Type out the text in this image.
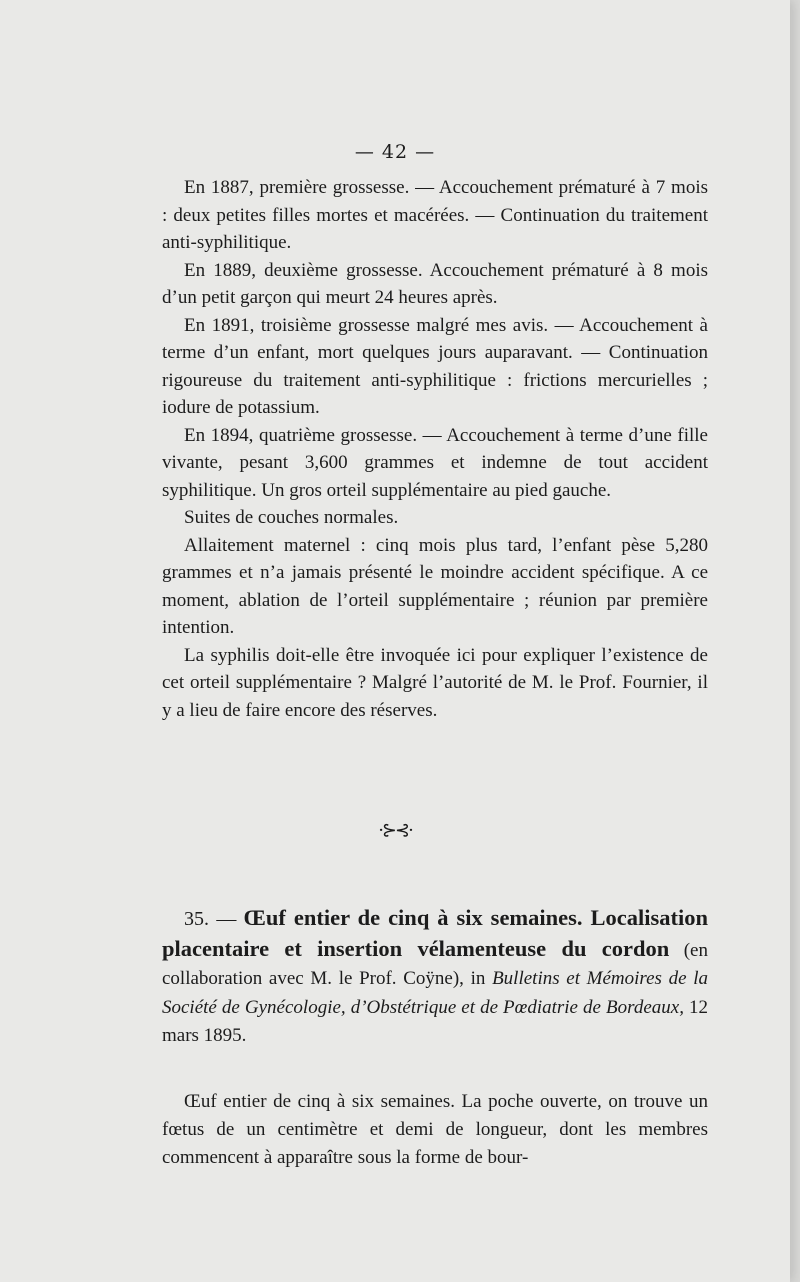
— 42 —

En 1887, première grossesse. — Accouchement prématuré à 7 mois : deux petites filles mortes et macérées. — Continuation du traitement anti-syphilitique.

En 1889, deuxième grossesse. Accouchement prématuré à 8 mois d’un petit garçon qui meurt 24 heures après.

En 1891, troisième grossesse malgré mes avis. — Accouchement à terme d’un enfant, mort quelques jours auparavant. — Continuation rigoureuse du traitement anti-syphilitique : frictions mercurielles ; iodure de potassium.

En 1894, quatrième grossesse. — Accouchement à terme d’une fille vivante, pesant 3,600 grammes et indemne de tout accident syphilitique. Un gros orteil supplémentaire au pied gauche.

Suites de couches normales.

Allaitement maternel : cinq mois plus tard, l’enfant pèse 5,280 grammes et n’a jamais présenté le moindre accident spécifique. A ce moment, ablation de l’orteil supplémentaire ; réunion par première intention.

La syphilis doit-elle être invoquée ici pour expliquer l’existence de cet orteil supplémentaire ? Malgré l’autorité de M. le Prof. Fournier, il y a lieu de faire encore des réserves.

·⊱⊰·

35. — Œuf entier de cinq à six semaines. Localisation placentaire et insertion vélamenteuse du cordon (en collaboration avec M. le Prof. Coÿne), in Bulletins et Mémoires de la Société de Gynécologie, d’Obstétrique et de Pœdiatrie de Bordeaux, 12 mars 1895.

Œuf entier de cinq à six semaines. La poche ouverte, on trouve un fœtus de un centimètre et demi de longueur, dont les membres commencent à apparaître sous la forme de bour-
